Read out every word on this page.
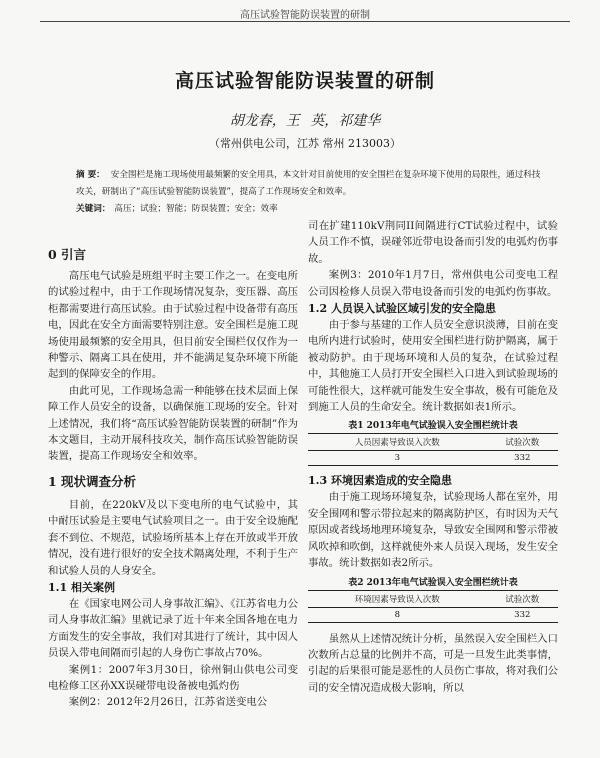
高压试验智能防误装置的研制
高压试验智能防误装置的研制
胡龙春，王 英，祁建华
（常州供电公司，江苏 常州 213003）
摘 要： 安全围栏是施工现场使用最频繁的安全用具，本文针对目前使用的安全围栏在复杂环境下使用的局限性，通过科技攻关，研制出了“高压试验智能防误装置”，提高了工作现场安全和效率。
关键词： 高压；试验；智能；防误装置；安全；效率
0 引言

高压电气试验是班组平时主要工作之一。在变电所的试验过程中，由于工作现场情况复杂，变压器、高压柜都需要进行高压试验。由于试验过程中设备带有高压电，因此在安全方面需要特别注意。安全围栏是施工现场使用最频繁的安全用具，但目前安全围栏仅仅作为一种警示、隔离工具在使用，并不能满足复杂环境下所能起到的保障安全的作用。

由此可见，工作现场急需一种能够在技术层面上保障工作人员安全的设备，以确保施工现场的安全。针对上述情况，我们将“高压试验智能防误装置的研制”作为本文题目，主动开展科技攻关，制作高压试验智能防误装置，提高工作现场安全和效率。

1 现状调查分析

目前，在220kV及以下变电所的电气试验中，其中耐压试验是主要电气试验项目之一。由于安全设施配套不到位、不规范，试验场所基本上存在开放或半开放情况，没有进行很好的安全技术隔离处理，不利于生产和试验人员的人身安全。

1.1 相关案例

在《国家电网公司人身事故汇编》、《江苏省电力公司人身事故汇编》里就记录了近十年来全国各地在电力方面发生的安全事故，我们对其进行了统计，其中因人员误入带电间隔而引起的人身伤亡事故占70%。

案例1：2007年3月30日，徐州铜山供电公司变电检修工区孙XX误碰带电设备被电弧灼伤

案例2：2012年2月26日，江苏省送变电公

司在扩建110kV荆同II间隔进行CT试验过程中，试验人员工作不慎，误碰邻近带电设备而引发的电弧灼伤事故。

案例3：2010年1月7日，常州供电公司变电工程公司因检修人员误入带电设备而引发的电弧灼伤事故。

1.2 人员误入试验区域引发的安全隐患

由于参与基建的工作人员安全意识淡薄，目前在变电所内进行试验时，使用安全围栏进行防护隔离，属于被动防护。由于现场环境和人员的复杂，在试验过程中，其他施工人员打开安全围栏入口进入到试验现场的可能性很大，这样就可能发生安全事故，极有可能危及到施工人员的生命安全。统计数据如表1所示。

表1 2013年电气试验误入安全围栏统计表
人员因素导致误入次数	试验次数
3	332
1.3 环境因素造成的安全隐患

由于施工现场环境复杂，试验现场人都在室外，用安全围网和警示带拉起来的隔离防护区，有时因为天气原因或者线场地理环境复杂，导致安全围网和警示带被风吹掉和吹倒，这样就使外来人员误入现场，发生安全事故。统计数据如表2所示。

表2 2013年电气试验误入安全围栏统计表
环境因素导致误入次数	试验次数
8	332

虽然从上述情况统计分析，虽然误入安全围栏入口次数所占总量的比例并不高，可是一旦发生此类事情，引起的后果很可能是恶性的人员伤亡事故，将对我们公司的安全情况造成极大影响，所以
